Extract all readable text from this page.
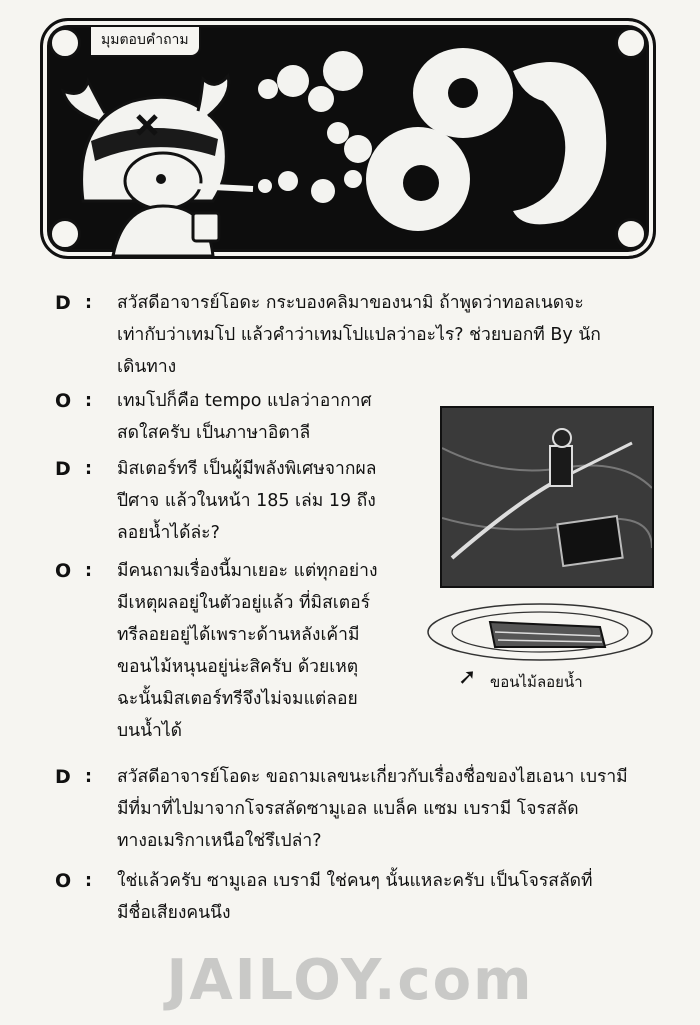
มุมตอบคำถาม
D : สวัสดีอาจารย์โอดะ กระบองคลิมาของนามิ ถ้าพูดว่าทอลเนดจะ
เท่ากับว่าเทมโป แล้วคำว่าเทมโปแปลว่าอะไร? ช่วยบอกที By นัก
เดินทาง
O : เทมโปก็คือ tempo แปลว่าอากาศ
สดใสครับ เป็นภาษาอิตาลี
D : มิสเตอร์ทรี เป็นผู้มีพลังพิเศษจากผล
ปีศาจ แล้วในหน้า 185 เล่ม 19 ถึง
ลอยน้ำได้ล่ะ?
O : มีคนถามเรื่องนี้มาเยอะ แต่ทุกอย่าง
มีเหตุผลอยู่ในตัวอยู่แล้ว ที่มิสเตอร์
ทรีลอยอยู่ได้เพราะด้านหลังเค้ามี
ขอนไม้หนุนอยู่น่ะสิครับ ด้วยเหตุ
ฉะนั้นมิสเตอร์ทรีจึงไม่จมแต่ลอย
บนน้ำได้
D : สวัสดีอาจารย์โอดะ ขอถามเลขนะเกี่ยวกับเรื่องชื่อของไฮเอนา เบรามี
มีที่มาที่ไปมาจากโจรสลัดซามูเอล แบล็ค แซม เบรามี โจรสลัด
ทางอเมริกาเหนือใช่รึเปล่า?
O : ใช่แล้วครับ ซามูเอล เบรามี ใช่คนๆ นั้นแหละครับ เป็นโจรสลัดที่
มีชื่อเสียงคนนึง
➚ ขอนไม้ลอยน้ำ
JAILOY.com
